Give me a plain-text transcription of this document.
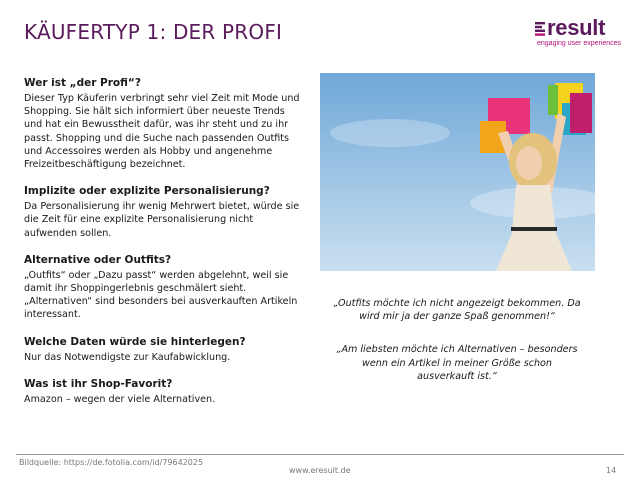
KÄUFERTYP 1: DER PROFI	result
engaging user experiences
Wer ist „der Profi“?
Dieser Typ Käuferin verbringt sehr viel Zeit mit Mode und Shopping. Sie hält sich informiert über neueste Trends und hat ein Bewusstheit dafür, was ihr steht und zu ihr passt. Shopping und die Suche nach passenden Outfits und Accessoires werden als Hobby und angenehme Freizeitbeschäftigung bezeichnet.
Implizite oder explizite Personalisierung?
Da Personalisierung ihr wenig Mehrwert bietet, würde sie die Zeit für eine explizite Personalisierung nicht aufwenden sollen.
Alternative oder Outfits?
„Outfits“ oder „Dazu passt“ werden abgelehnt, weil sie damit ihr Shoppingerlebnis geschmälert sieht. „Alternativen“ sind besonders bei ausverkauften Artikeln interessant.
Welche Daten würde sie hinterlegen?
Nur das Notwendigste zur Kaufabwicklung.
Was ist ihr Shop-Favorit?
Amazon – wegen der viele Alternativen.

„Outfits möchte ich nicht angezeigt bekommen. Da wird mir ja der ganze Spaß genommen!“

„Am liebsten möchte ich Alternativen – besonders wenn ein Artikel in meiner Größe schon ausverkauft ist.“

Bildquelle: https://de.fotolia.com/id/79642025
www.eresult.de	14
